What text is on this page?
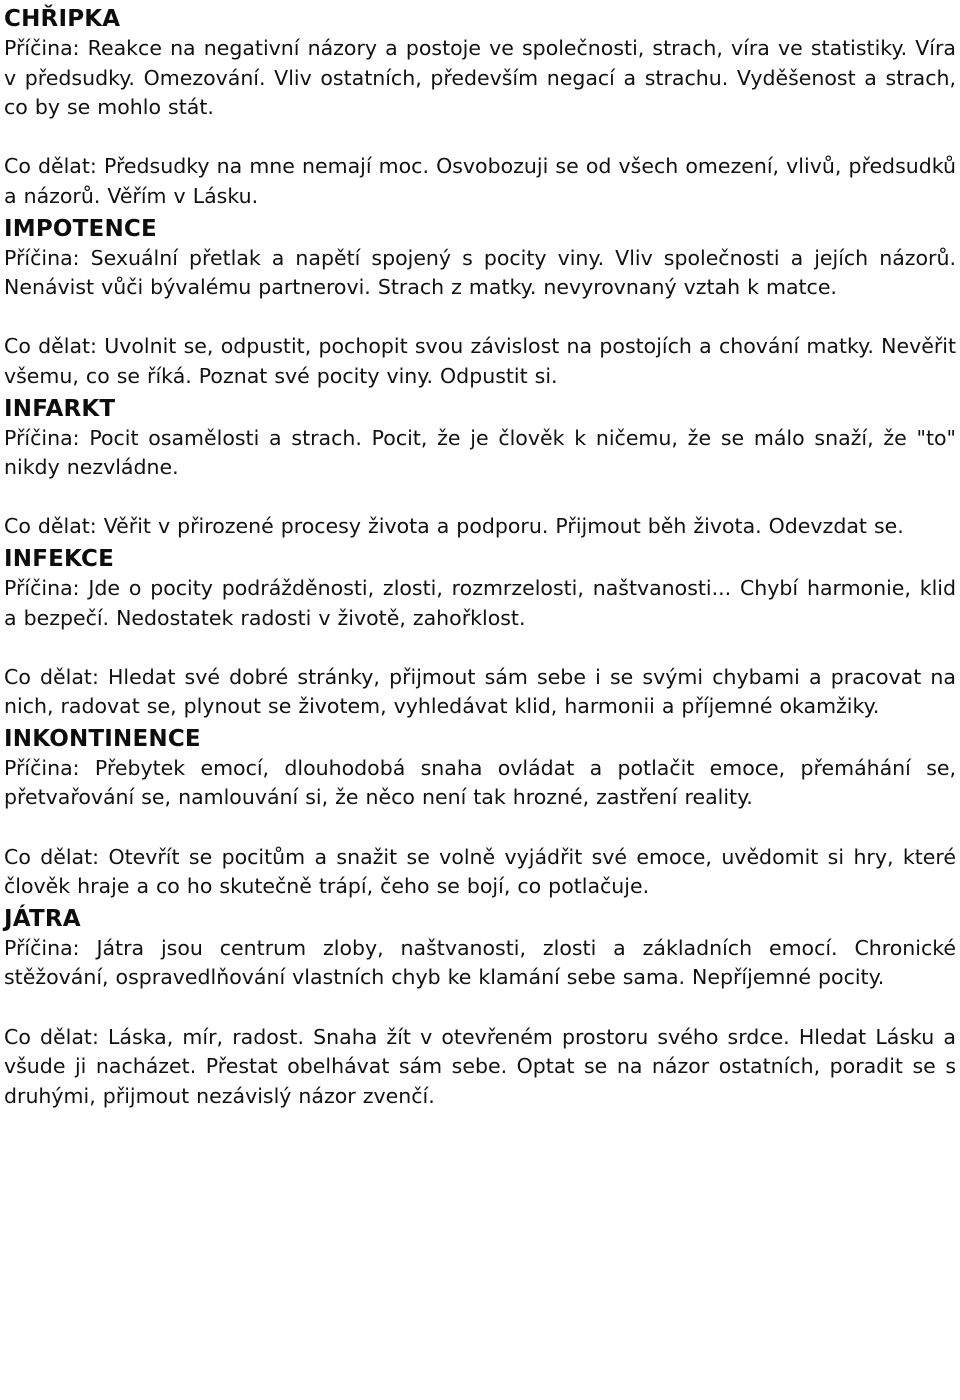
CHŘIPKA

Příčina: Reakce na negativní názory a postoje ve společnosti, strach, víra ve statistiky. Víra v předsudky. Omezování. Vliv ostatních, především negací a strachu. Vyděšenost a strach, co by se mohlo stát.

Co dělat: Předsudky na mne nemají moc. Osvobozuji se od všech omezení, vlivů, předsudků a názorů. Věřím v Lásku.

IMPOTENCE

Příčina: Sexuální přetlak a napětí spojený s pocity viny. Vliv společnosti a jejích názorů. Nenávist vůči bývalému partnerovi. Strach z matky. nevyrovnaný vztah k matce.

Co dělat: Uvolnit se, odpustit, pochopit svou závislost na postojích a chování matky. Nevěřit všemu, co se říká. Poznat své pocity viny. Odpustit si.

INFARKT

Příčina: Pocit osamělosti a strach. Pocit, že je člověk k ničemu, že se málo snaží, že "to" nikdy nezvládne.

Co dělat: Věřit v přirozené procesy života a podporu. Přijmout běh života. Odevzdat se.

INFEKCE

Příčina: Jde o pocity podrážděnosti, zlosti, rozmrzelosti, naštvanosti... Chybí harmonie, klid a bezpečí. Nedostatek radosti v životě, zahořklost.

Co dělat: Hledat své dobré stránky, přijmout sám sebe i se svými chybami a pracovat na nich, radovat se, plynout se životem, vyhledávat klid, harmonii a příjemné okamžiky.

INKONTINENCE

Příčina: Přebytek emocí, dlouhodobá snaha ovládat a potlačit emoce, přemáhání se, přetvařování se, namlouvání si, že něco není tak hrozné, zastření reality.

Co dělat: Otevřít se pocitům a snažit se volně vyjádřit své emoce, uvědomit si hry, které člověk hraje a co ho skutečně trápí, čeho se bojí, co potlačuje.

JÁTRA

Příčina: Játra jsou centrum zloby, naštvanosti, zlosti a základních emocí. Chronické stěžování, ospravedlňování vlastních chyb ke klamání sebe sama. Nepříjemné pocity.

Co dělat: Láska, mír, radost. Snaha žít v otevřeném prostoru svého srdce. Hledat Lásku a všude ji nacházet. Přestat obelhávat sám sebe. Optat se na názor ostatních, poradit se s druhými, přijmout nezávislý názor zvenčí.
